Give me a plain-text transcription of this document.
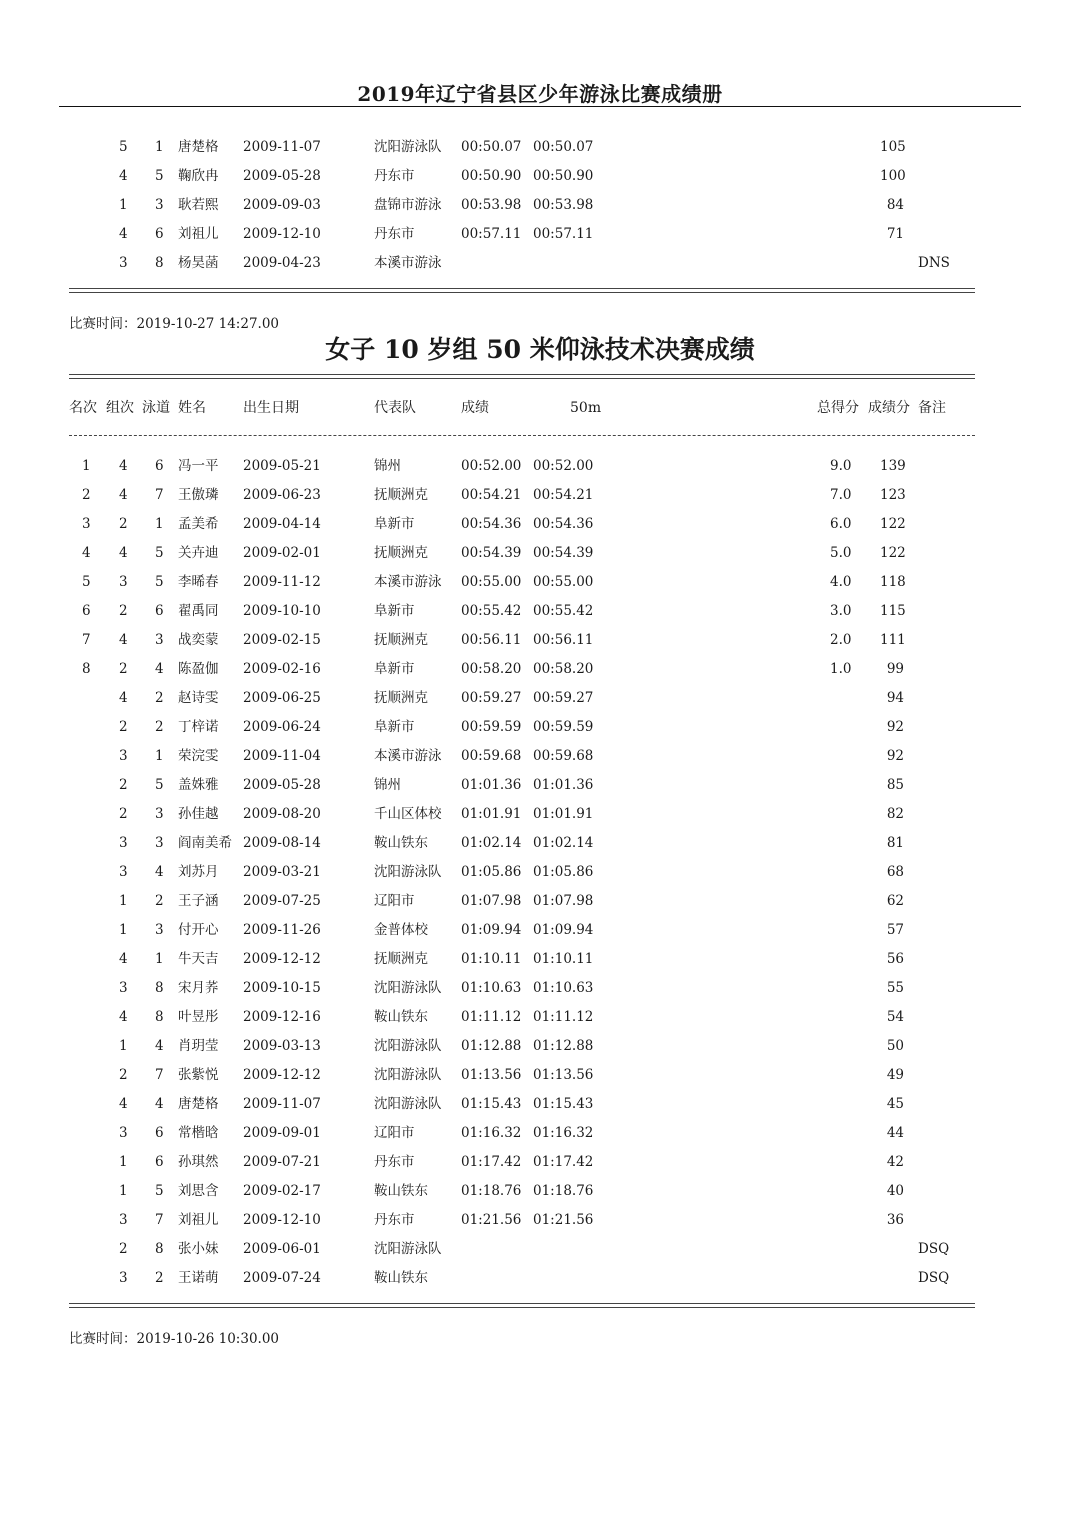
2019年辽宁省县区少年游泳比赛成绩册
5 1 唐楚格 2009-11-07	沈阳游泳队 00:50.07 00:50.07	105
4 5 鞠欣冉 2009-05-28	丹东市	00:50.90 00:50.90	100
1 3 耿若熙 2009-09-03	盘锦市游泳 00:53.98 00:53.98	84
4 6 刘祖儿 2009-12-10	丹东市	00:57.11 00:57.11	71
3 8 杨昊菡 2009-04-23	本溪市游泳	DNS
比赛时间：2019-10-27 14:27.00
女子 10 岁组 50 米仰泳技术决赛成绩
名次 组次 泳道 姓名	出生日期	代表队	成绩	50m	总得分 成绩分 备注
1 4 6 冯一平 2009-05-21	锦州	00:52.00 00:52.00	9.0 139
2 4 7 王傲璘 2009-06-23	抚顺洲克 00:54.21 00:54.21	7.0 123
3 2 1 孟美希 2009-04-14	阜新市	00:54.36 00:54.36	6.0 122
4 4 5 关卉迪 2009-02-01	抚顺洲克 00:54.39 00:54.39	5.0 122
5 3 5 李晞春 2009-11-12	本溪市游泳 00:55.00 00:55.00	4.0 118
6 2 6 翟禹同 2009-10-10	阜新市	00:55.42 00:55.42	3.0 115
7 4 3 战奕蒙 2009-02-15	抚顺洲克 00:56.11 00:56.11	2.0 111
8 2 4 陈盈伽 2009-02-16	阜新市	00:58.20 00:58.20	1.0	99
4 2 赵诗雯 2009-06-25	抚顺洲克 00:59.27 00:59.27	94
2 2 丁梓诺 2009-06-24	阜新市	00:59.59 00:59.59	92
3 1 荣浣雯 2009-11-04	本溪市游泳 00:59.68 00:59.68	92
2 5 盖姝雅 2009-05-28	锦州	01:01.36 01:01.36	85
2 3 孙佳越 2009-08-20	千山区体校 01:01.91 01:01.91	82
3 3 阎南美希 2009-08-14	鞍山铁东 01:02.14 01:02.14	81
3 4 刘苏月 2009-03-21	沈阳游泳队 01:05.86 01:05.86	68
1 2 王子涵 2009-07-25	辽阳市	01:07.98 01:07.98	62
1 3 付开心 2009-11-26	金普体校 01:09.94 01:09.94	57
4 1 牛天吉 2009-12-12	抚顺洲克 01:10.11 01:10.11	56
3 8 宋月荞 2009-10-15	沈阳游泳队 01:10.63 01:10.63	55
4 8 叶昱彤 2009-12-16	鞍山铁东 01:11.12 01:11.12	54
1 4 肖玥莹 2009-03-13	沈阳游泳队 01:12.88 01:12.88	50
2 7 张紫悦 2009-12-12	沈阳游泳队 01:13.56 01:13.56	49
4 4 唐楚格 2009-11-07	沈阳游泳队 01:15.43 01:15.43	45
3 6 常楷晗 2009-09-01	辽阳市	01:16.32 01:16.32	44
1 6 孙琪然 2009-07-21	丹东市	01:17.42 01:17.42	42
1 5 刘思含 2009-02-17	鞍山铁东 01:18.76 01:18.76	40
3 7 刘祖儿 2009-12-10	丹东市	01:21.56 01:21.56	36
2 8 张小妹 2009-06-01	沈阳游泳队	DSQ
3 2 王诺萌 2009-07-24	鞍山铁东	DSQ
比赛时间：2019-10-26 10:30.00
